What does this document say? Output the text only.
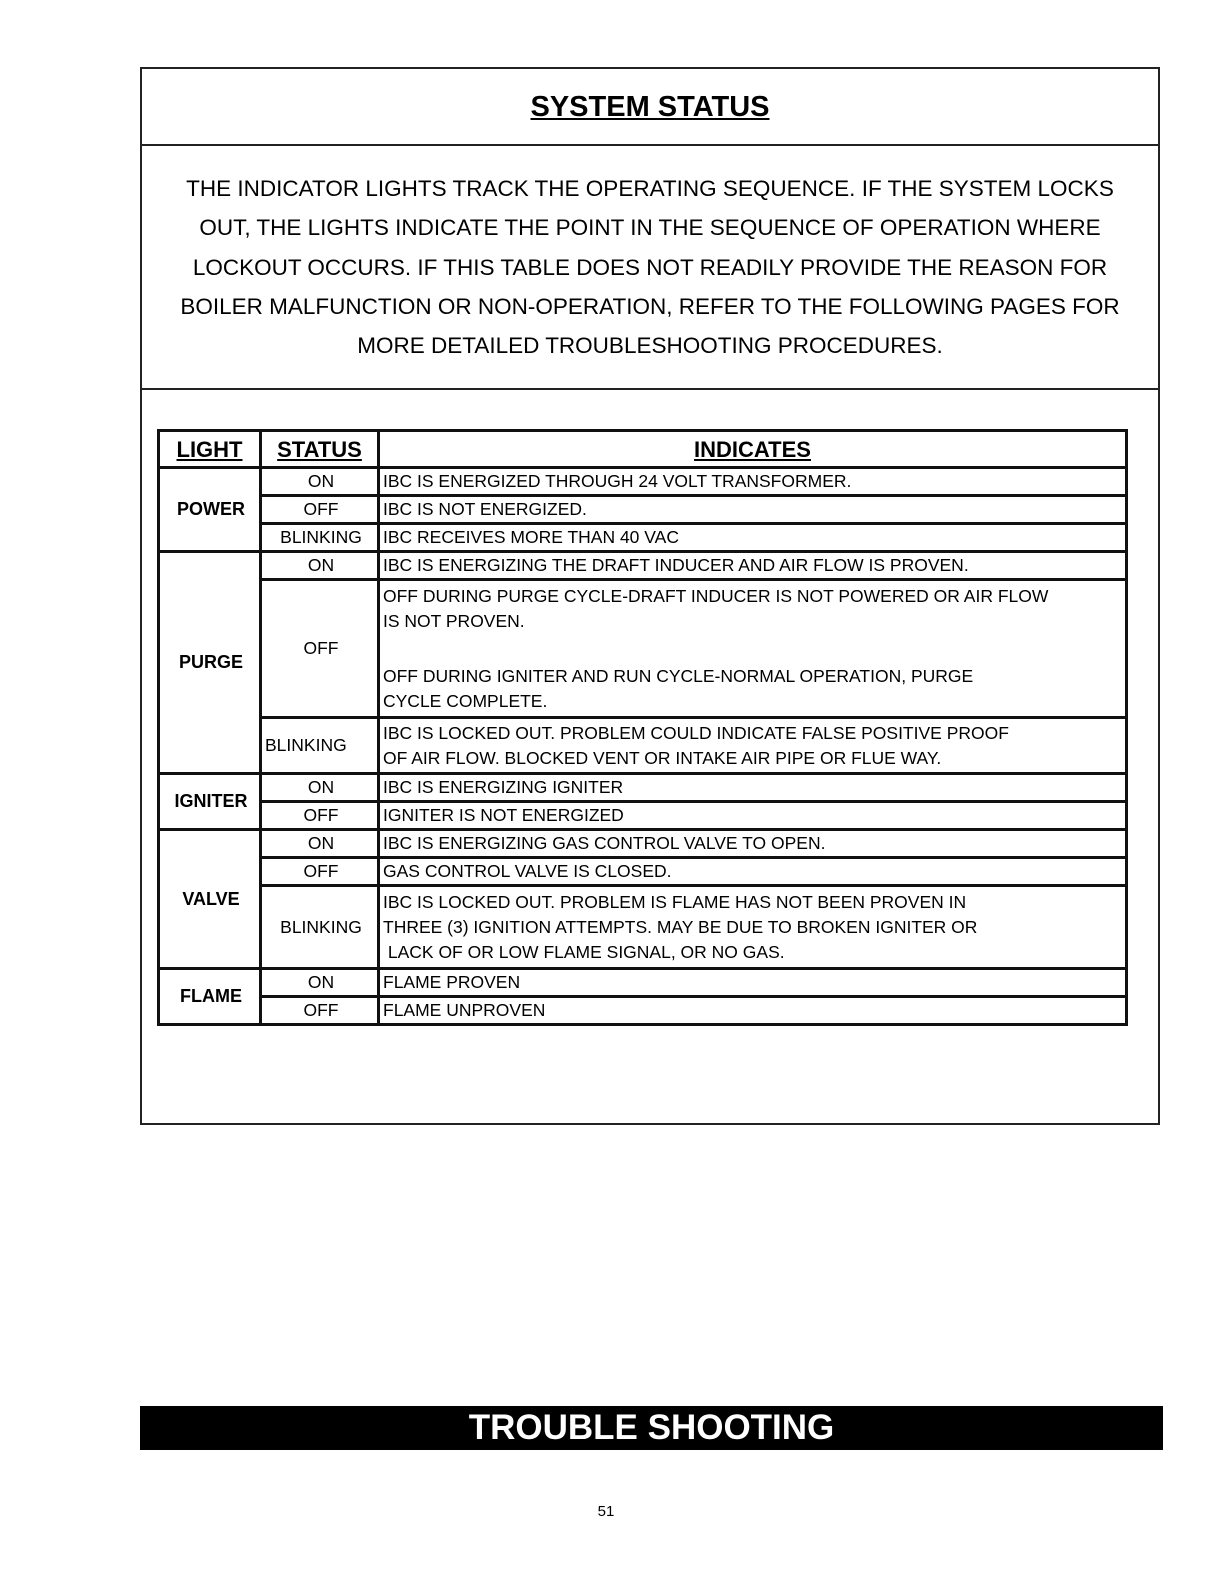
SYSTEM STATUS
THE INDICATOR LIGHTS TRACK THE OPERATING SEQUENCE. IF THE SYSTEM LOCKS
OUT, THE LIGHTS INDICATE THE POINT IN THE SEQUENCE OF OPERATION WHERE
LOCKOUT OCCURS. IF THIS TABLE DOES NOT READILY PROVIDE THE REASON FOR
BOILER MALFUNCTION OR NON-OPERATION, REFER TO THE FOLLOWING PAGES FOR
MORE DETAILED TROUBLESHOOTING PROCEDURES.
LIGHT	STATUS	INDICATES
POWER	ON	IBC IS ENERGIZED THROUGH 24 VOLT TRANSFORMER.
	OFF	IBC IS NOT ENERGIZED.
	BLINKING	IBC RECEIVES MORE THAN 40 VAC
PURGE	ON	IBC IS ENERGIZING THE DRAFT INDUCER AND AIR FLOW IS PROVEN.
	OFF	OFF DURING PURGE CYCLE-DRAFT INDUCER IS NOT POWERED OR AIR FLOW
IS NOT PROVEN.
OFF DURING IGNITER AND RUN CYCLE-NORMAL OPERATION, PURGE
CYCLE COMPLETE.

	BLINKING	IBC IS LOCKED OUT. PROBLEM COULD INDICATE FALSE POSITIVE PROOF
OF AIR FLOW. BLOCKED VENT OR INTAKE AIR PIPE OR FLUE WAY.

IGNITER	ON	IBC IS ENERGIZING IGNITER
	OFF	IGNITER IS NOT ENERGIZED
VALVE	ON	IBC IS ENERGIZING GAS CONTROL VALVE TO OPEN.
	OFF	GAS CONTROL VALVE IS CLOSED.
	BLINKING	IBC IS LOCKED OUT. PROBLEM IS FLAME HAS NOT BEEN PROVEN IN
THREE (3) IGNITION ATTEMPTS. MAY BE DUE TO BROKEN IGNITER OR
LACK OF OR LOW FLAME SIGNAL, OR NO GAS.

FLAME	ON	FLAME PROVEN
	OFF	FLAME UNPROVEN
TROUBLE SHOOTING
51
